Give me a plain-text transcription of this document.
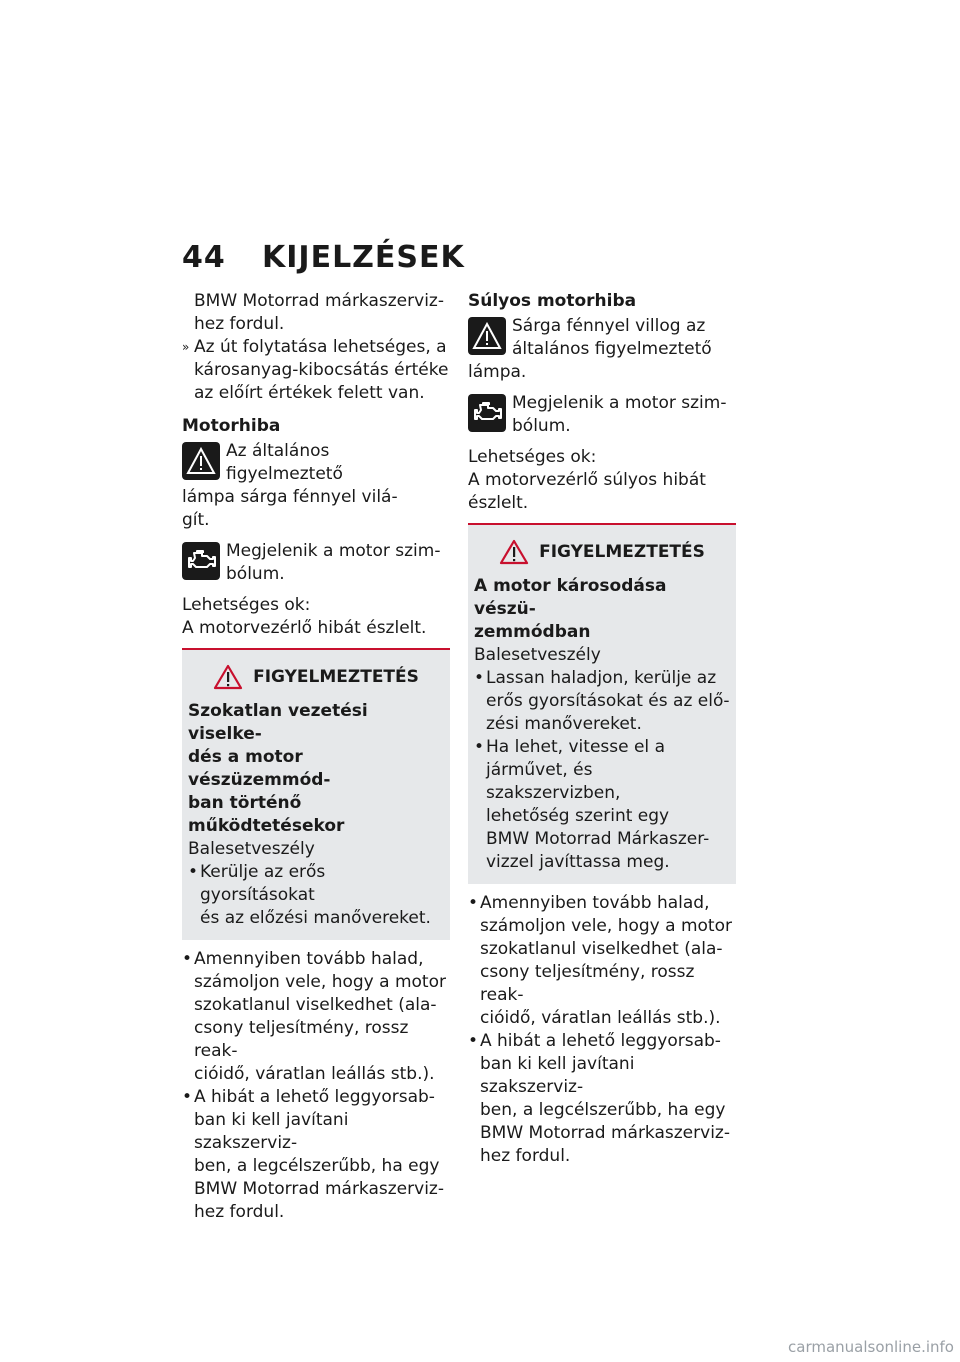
44 KIJELZÉSEK

BMW Motorrad márkaszerviz-

hez fordul.

» Az út folytatása lehetséges, a

károsanyag-kibocsátás értéke

az előírt értékek felett van.

Motorhiba

Az általános figyelmeztető

lámpa sárga fénnyel vilá-

gít.

Megjelenik a motor szim-

bólum.

Lehetséges ok:

A motorvezérlő hibát észlelt.

FIGYELMEZTETÉS

Szokatlan vezetési viselke-

dés a motor vészüzemmód-

ban történő működtetésekor

Balesetveszély

• Kerülje az erős gyorsításokat

és az előzési manővereket.

• Amennyiben tovább halad,

számoljon vele, hogy a motor

szokatlanul viselkedhet (ala-

csony teljesítmény, rossz reak-

cióidő, váratlan leállás stb.).

• A hibát a lehető leggyorsab-

ban ki kell javítani szakszerviz-

ben, a legcélszerűbb, ha egy

BMW Motorrad márkaszerviz-

hez fordul.

Súlyos motorhiba

Sárga fénnyel villog az

általános figyelmeztető

lámpa.

Megjelenik a motor szim-

bólum.

Lehetséges ok:

A motorvezérlő súlyos hibát

észlelt.

FIGYELMEZTETÉS

A motor károsodása vészü-

zemmódban

Balesetveszély

• Lassan haladjon, kerülje az

erős gyorsításokat és az elő-

zési manővereket.

• Ha lehet, vitesse el a

járművet, és szakszervizben,

lehetőség szerint egy

BMW Motorrad Márkaszer-

vizzel javíttassa meg.

• Amennyiben tovább halad,

számoljon vele, hogy a motor

szokatlanul viselkedhet (ala-

csony teljesítmény, rossz reak-

cióidő, váratlan leállás stb.).

• A hibát a lehető leggyorsab-

ban ki kell javítani szakszerviz-

ben, a legcélszerűbb, ha egy

BMW Motorrad márkaszerviz-

hez fordul.

carmanualsonline.info
